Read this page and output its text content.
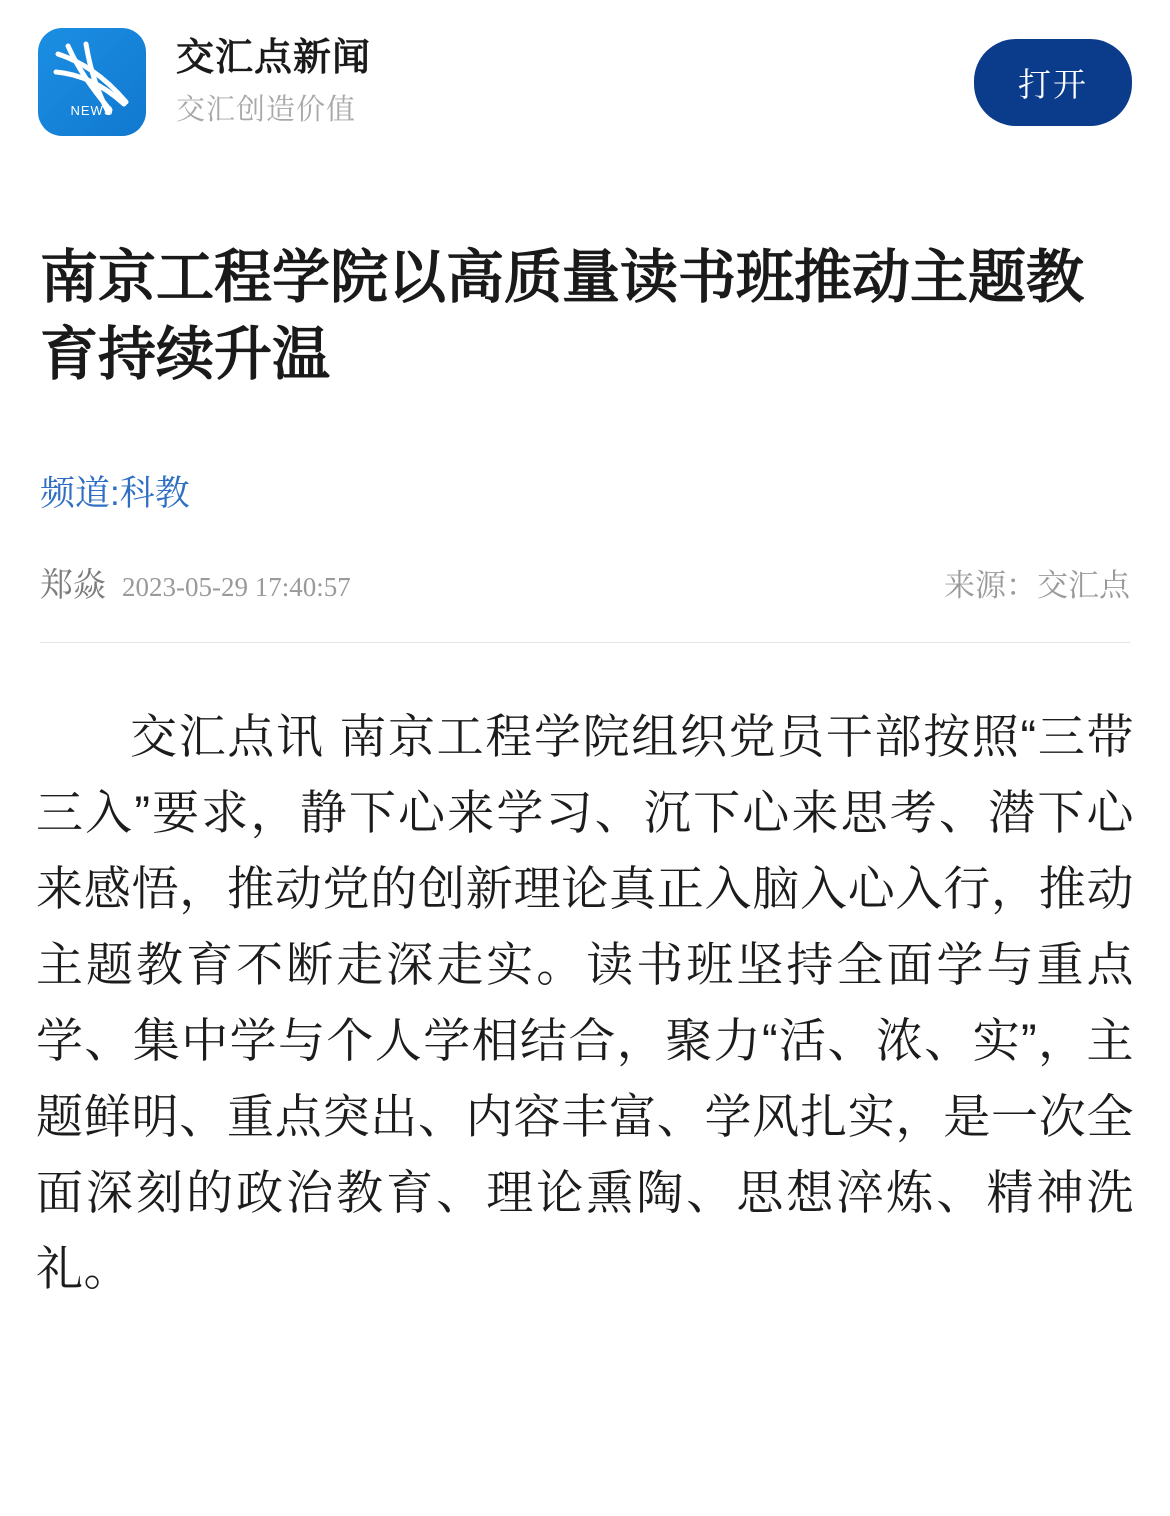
NEWS
交汇点新闻
交汇创造价值
打开
南京工程学院以高质量读书班推动主题教育持续升温
频道:科教
郑焱 2023-05-29 17:40:57	来源：交汇点

交汇点讯 南京工程学院组织党员干部按照“三带三入”要求，静下心来学习、沉下心来思考、潜下心来感悟，推动党的创新理论真正入脑入心入行，推动主题教育不断走深走实。读书班坚持全面学与重点学、集中学与个人学相结合，聚力“活、浓、实”，主题鲜明、重点突出、内容丰富、学风扎实，是一次全面深刻的政治教育、理论熏陶、思想淬炼、精神洗礼。
